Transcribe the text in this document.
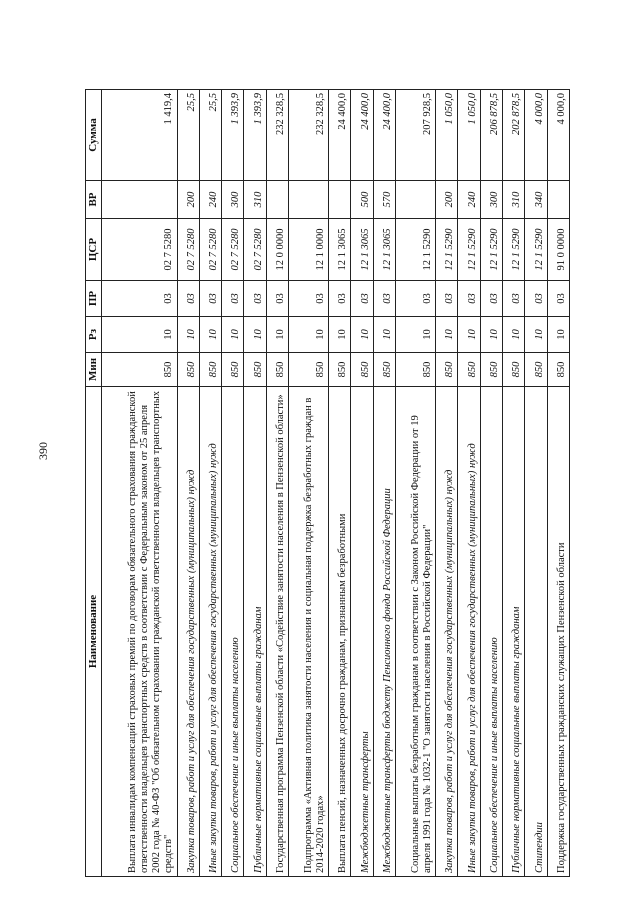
390
Наименование	Мин	Рз	ПР	ЦСР	ВР	Сумма
Выплата инвалидам компенсаций страховых премий по договорам обязательного страхования гражданской ответственности владельцев транспортных средств в соответствии с Федеральным законом от 25 апреля 2002 года № 40-ФЗ "Об обязательном страховании гражданской ответственности владельцев транспортных средств"	850	10	03	02 7 5280		1 419,4
Закупка товаров, работ и услуг для обеспечения государственных (муниципальных) нужд	850	10	03	02 7 5280	200	25,5
Иные закупки товаров, работ и услуг для обеспечения государственных (муниципальных) нужд	850	10	03	02 7 5280	240	25,5
Социальное обеспечение и иные выплаты населению	850	10	03	02 7 5280	300	1 393,9
Публичные нормативные социальные выплаты гражданам	850	10	03	02 7 5280	310	1 393,9
Государственная программа Пензенской области «Содействие занятости населения в Пензенской области»	850	10	03	12 0 0000		232 328,5
Подпрограмма «Активная политика занятости населения и социальная поддержка безработных граждан в 2014-2020 годах»	850	10	03	12 1 0000		232 328,5
Выплата пенсий, назначенных досрочно гражданам, признанным безработными	850	10	03	12 1 3065		24 400,0
Межбюджетные трансферты	850	10	03	12 1 3065	500	24 400,0
Межбюджетные трансферты бюджету Пенсионного фонда Российской Федерации	850	10	03	12 1 3065	570	24 400,0
Социальные выплаты безработным гражданам в соответствии с Законом Российской Федерации от 19 апреля 1991 года № 1032-1 "О занятости населения в Российской Федерации"	850	10	03	12 1 5290		207 928,5
Закупка товаров, работ и услуг для обеспечения государственных (муниципальных) нужд	850	10	03	12 1 5290	200	1 050,0
Иные закупки товаров, работ и услуг для обеспечения государственных (муниципальных) нужд	850	10	03	12 1 5290	240	1 050,0
Социальное обеспечение и иные выплаты населению	850	10	03	12 1 5290	300	206 878,5
Публичные нормативные социальные выплаты гражданам	850	10	03	12 1 5290	310	202 878,5
Стипендии	850	10	03	12 1 5290	340	4 000,0
Поддержка государственных гражданских служащих Пензенской области	850	10	03	91 0 0000		4 000,0
